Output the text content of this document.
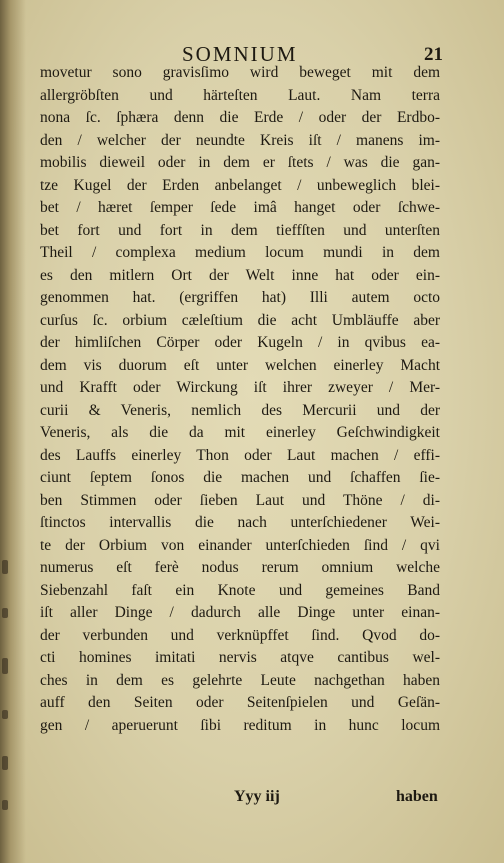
SOMNIUM	21
movetur sono gravisſimo wird beweget mit dem
allergröbſten und härteſten Laut. Nam terra
nona ſc. ſphæra denn die Erde / oder der Erdbo-
den / welcher der neundte Kreis iſt / manens im-
mobilis dieweil oder in dem er ſtets / was die gan-
tze Kugel der Erden anbelanget / unbeweglich blei-
bet / hæret ſemper ſede imâ hanget oder ſchwe-
bet fort und fort in dem tieffſten und unterſten
Theil / complexa medium locum mundi in dem
es den mitlern Ort der Welt inne hat oder ein-
genommen hat. (ergriffen hat) Illi autem octo
curſus ſc. orbium cæleſtium die acht Umbläuffe aber
der himliſchen Cörper oder Kugeln / in qvibus ea-
dem vis duorum eſt unter welchen einerley Macht
und Krafft oder Wirckung iſt ihrer zweyer / Mer-
curii & Veneris, nemlich des Mercurii und der
Veneris, als die da mit einerley Geſchwindigkeit
des Lauffs einerley Thon oder Laut machen / effi-
ciunt ſeptem ſonos die machen und ſchaffen ſie-
ben Stimmen oder ſieben Laut und Thöne / di-
ſtinctos intervallis die nach unterſchiedener Wei-
te der Orbium von einander unterſchieden ſind / qvi
numerus eſt ferè nodus rerum omnium welche
Siebenzahl faſt ein Knote und gemeines Band
iſt aller Dinge / dadurch alle Dinge unter einan-
der verbunden und verknüpffet ſind. Qvod do-
cti homines imitati nervis atqve cantibus wel-
ches in dem es gelehrte Leute nachgethan haben
auff den Seiten oder Seitenſpielen und Geſän-
gen / aperuerunt ſibi reditum in hunc locum
Yyy iij	haben
